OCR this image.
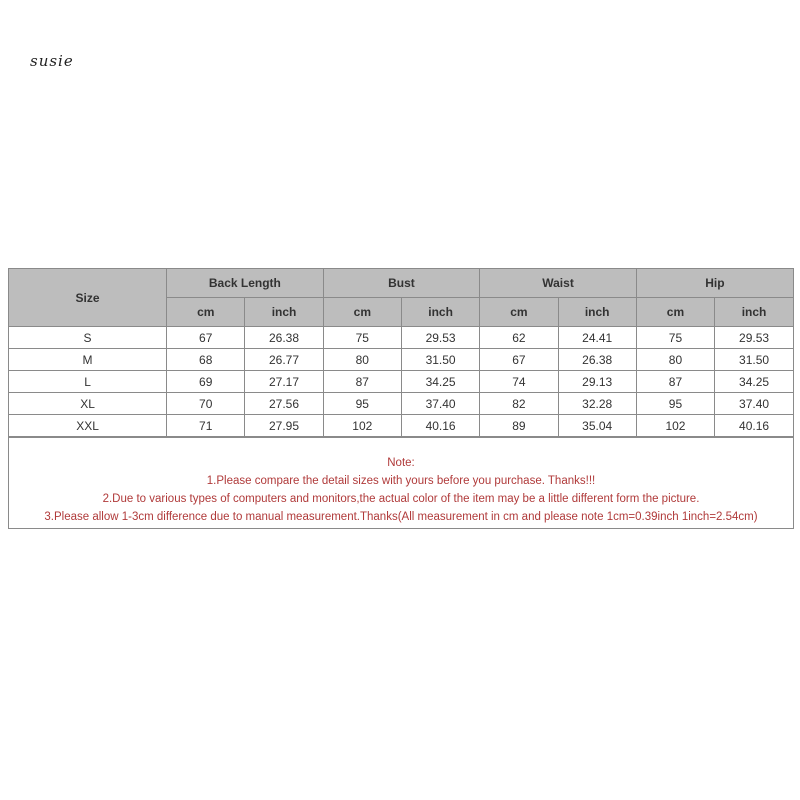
susie
Size	Back Length		Bust		Waist		Hip	
	cm	inch	cm	inch	cm	inch	cm	inch
S	67	26.38	75	29.53	62	24.41	75	29.53
M	68	26.77	80	31.50	67	26.38	80	31.50
L	69	27.17	87	34.25	74	29.13	87	34.25
XL	70	27.56	95	37.40	82	32.28	95	37.40
XXL	71	27.95	102	40.16	89	35.04	102	40.16
Note:
1.Please compare the detail sizes with yours before you purchase. Thanks!!!
2.Due to various types of computers and monitors,the actual color of the item may be a little different form the picture.
3.Please allow 1-3cm difference due to manual measurement.Thanks(All measurement in cm and please note 1cm=0.39inch 1inch=2.54cm)
